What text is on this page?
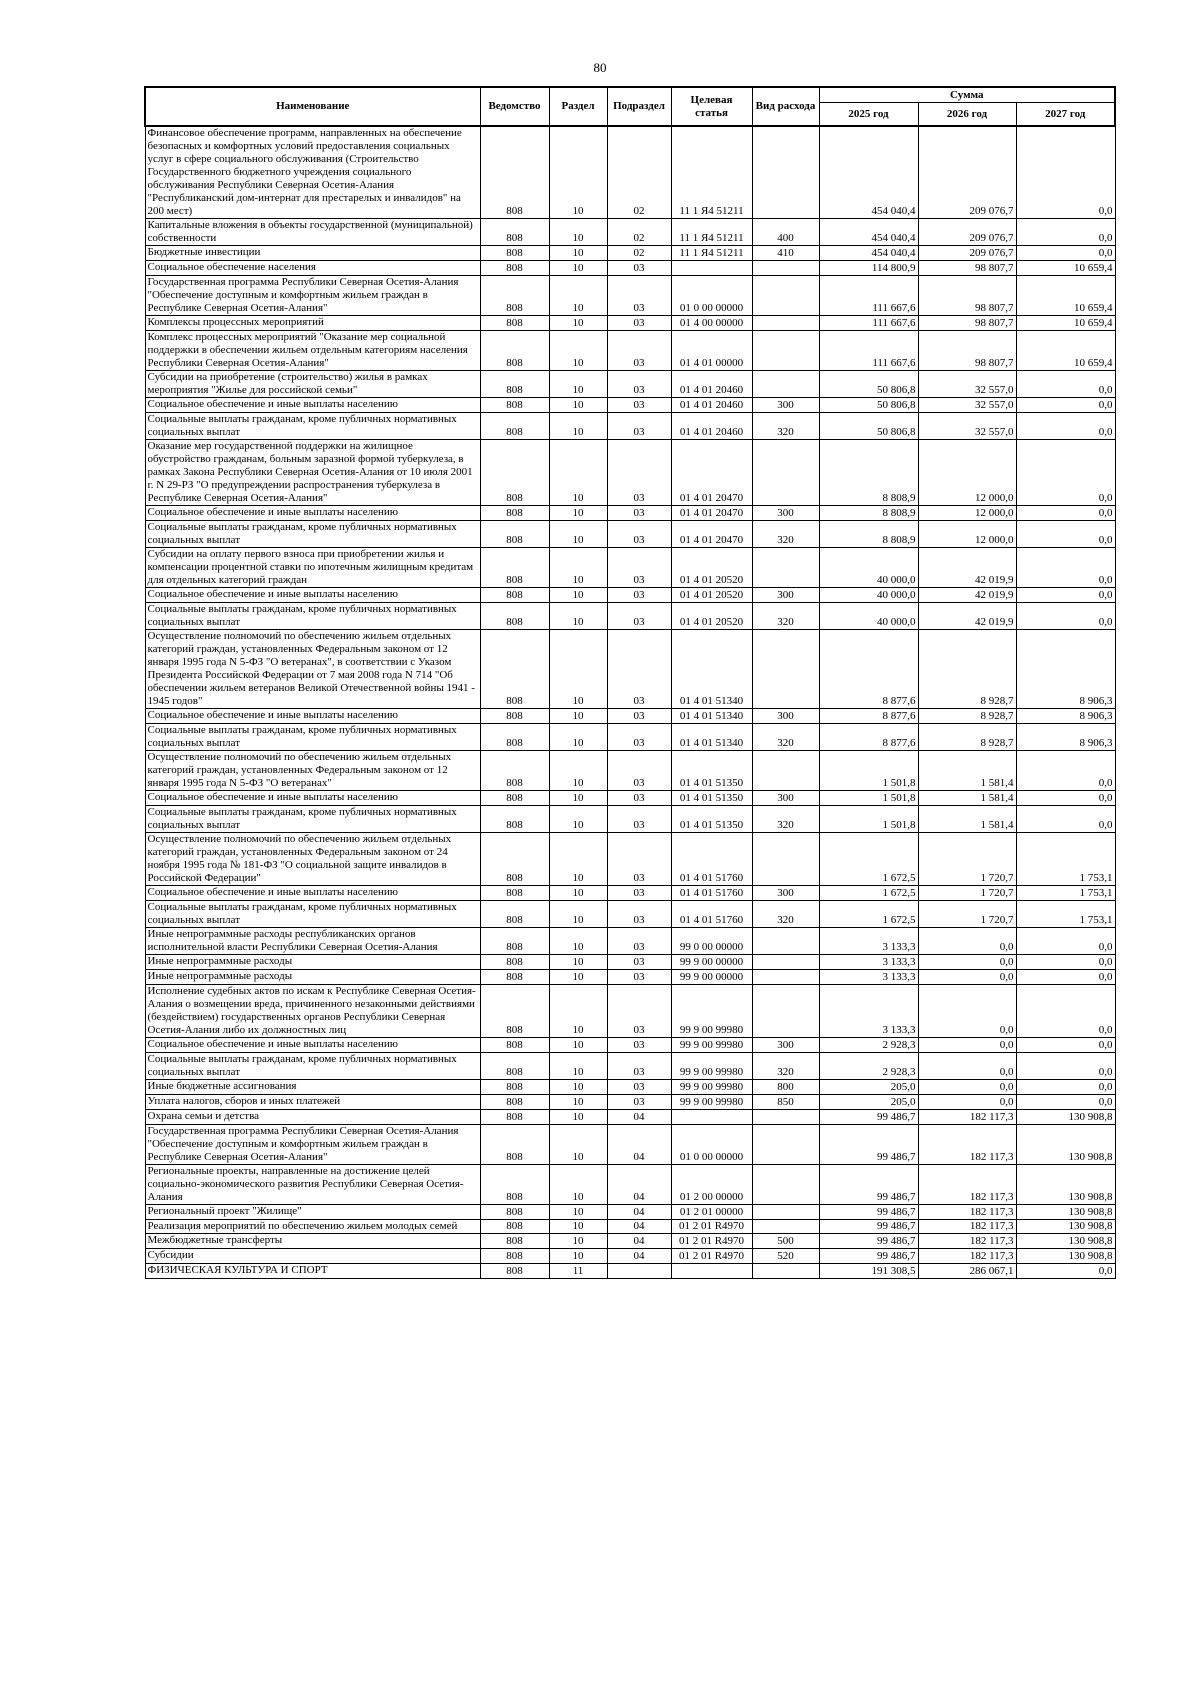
80
Наименование	Ведомство	Раздел	Подраздел	Целевая статья	Вид расхода	Сумма		
						2025 год	2026 год	2027 год
Финансовое обеспечение программ, направленных на обеспечение безопасных и комфортных условий предоставления социальных услуг в сфере социального обслуживания (Строительство Государственного бюджетного учреждения социального обслуживания Республики Северная Осетия-Алания "Республиканский дом-интернат для престарелых и инвалидов" на 200 мест)	808	10	02	11 1 Я4 51211		454 040,4	209 076,7	0,0
Капитальные вложения в объекты государственной (муниципальной) собственности	808	10	02	11 1 Я4 51211	400	454 040,4	209 076,7	0,0
Бюджетные инвестиции	808	10	02	11 1 Я4 51211	410	454 040,4	209 076,7	0,0
Социальное обеспечение населения	808	10	03			114 800,9	98 807,7	10 659,4
Государственная программа Республики Северная Осетия-Алания "Обеспечение доступным и комфортным жильем граждан в Республике Северная Осетия-Алания"	808	10	03	01 0 00 00000		111 667,6	98 807,7	10 659,4
Комплексы процессных мероприятий	808	10	03	01 4 00 00000		111 667,6	98 807,7	10 659,4
Комплекс процессных мероприятий "Оказание мер социальной поддержки в обеспечении жильем отдельным категориям населения Республики Северная Осетия-Алания"	808	10	03	01 4 01 00000		111 667,6	98 807,7	10 659,4
Субсидии на приобретение (строительство) жилья в рамках мероприятия "Жилье для российской семьи"	808	10	03	01 4 01 20460		50 806,8	32 557,0	0,0
Социальное обеспечение и иные выплаты населению	808	10	03	01 4 01 20460	300	50 806,8	32 557,0	0,0
Социальные выплаты гражданам, кроме публичных нормативных социальных выплат	808	10	03	01 4 01 20460	320	50 806,8	32 557,0	0,0
Оказание мер государственной поддержки на жилищное обустройство гражданам, больным заразной формой туберкулеза, в рамках Закона Республики Северная Осетия-Алания от 10 июля 2001 г. N 29-РЗ "О предупреждении распространения туберкулеза в Республике Северная Осетия-Алания"	808	10	03	01 4 01 20470		8 808,9	12 000,0	0,0
Социальное обеспечение и иные выплаты населению	808	10	03	01 4 01 20470	300	8 808,9	12 000,0	0,0
Социальные выплаты гражданам, кроме публичных нормативных социальных выплат	808	10	03	01 4 01 20470	320	8 808,9	12 000,0	0,0
Субсидии на оплату первого взноса при приобретении жилья и компенсации процентной ставки по ипотечным жилищным кредитам для отдельных категорий граждан	808	10	03	01 4 01 20520		40 000,0	42 019,9	0,0
Социальное обеспечение и иные выплаты населению	808	10	03	01 4 01 20520	300	40 000,0	42 019,9	0,0
Социальные выплаты гражданам, кроме публичных нормативных социальных выплат	808	10	03	01 4 01 20520	320	40 000,0	42 019,9	0,0
Осуществление полномочий по обеспечению жильем отдельных категорий граждан, установленных Федеральным законом от 12 января 1995 года N 5-ФЗ "О ветеранах", в соответствии с Указом Президента Российской Федерации от 7 мая 2008 года N 714 "Об обеспечении жильем ветеранов Великой Отечественной войны 1941 - 1945 годов"	808	10	03	01 4 01 51340		8 877,6	8 928,7	8 906,3
Социальное обеспечение и иные выплаты населению	808	10	03	01 4 01 51340	300	8 877,6	8 928,7	8 906,3
Социальные выплаты гражданам, кроме публичных нормативных социальных выплат	808	10	03	01 4 01 51340	320	8 877,6	8 928,7	8 906,3
Осуществление полномочий по обеспечению жильем отдельных категорий граждан, установленных Федеральным законом от 12 января 1995 года N 5-ФЗ "О ветеранах"	808	10	03	01 4 01 51350		1 501,8	1 581,4	0,0
Социальное обеспечение и иные выплаты населению	808	10	03	01 4 01 51350	300	1 501,8	1 581,4	0,0
Социальные выплаты гражданам, кроме публичных нормативных социальных выплат	808	10	03	01 4 01 51350	320	1 501,8	1 581,4	0,0
Осуществление полномочий по обеспечению жильем отдельных категорий граждан, установленных Федеральным законом от 24 ноября 1995 года № 181-ФЗ "О социальной защите инвалидов в Российской Федерации"	808	10	03	01 4 01 51760		1 672,5	1 720,7	1 753,1
Социальное обеспечение и иные выплаты населению	808	10	03	01 4 01 51760	300	1 672,5	1 720,7	1 753,1
Социальные выплаты гражданам, кроме публичных нормативных социальных выплат	808	10	03	01 4 01 51760	320	1 672,5	1 720,7	1 753,1
Иные непрограммные расходы республиканских органов исполнительной власти Республики Северная Осетия-Алания	808	10	03	99 0 00 00000		3 133,3	0,0	0,0
Иные непрограммные расходы	808	10	03	99 9 00 00000		3 133,3	0,0	0,0
Иные непрограммные расходы	808	10	03	99 9 00 00000		3 133,3	0,0	0,0
Исполнение судебных актов по искам к Республике Северная Осетия-Алания о возмещении вреда, причиненного незаконными действиями (бездействием) государственных органов Республики Северная Осетия-Алания либо их должностных лиц	808	10	03	99 9 00 99980		3 133,3	0,0	0,0
Социальное обеспечение и иные выплаты населению	808	10	03	99 9 00 99980	300	2 928,3	0,0	0,0
Социальные выплаты гражданам, кроме публичных нормативных социальных выплат	808	10	03	99 9 00 99980	320	2 928,3	0,0	0,0
Иные бюджетные ассигнования	808	10	03	99 9 00 99980	800	205,0	0,0	0,0
Уплата налогов, сборов и иных платежей	808	10	03	99 9 00 99980	850	205,0	0,0	0,0
Охрана семьи и детства	808	10	04			99 486,7	182 117,3	130 908,8
Государственная программа Республики Северная Осетия-Алания "Обеспечение доступным и комфортным жильем граждан в Республике Северная Осетия-Алания"	808	10	04	01 0 00 00000		99 486,7	182 117,3	130 908,8
Региональные проекты, направленные на достижение целей социально-экономического развития Республики Северная Осетия-Алания	808	10	04	01 2 00 00000		99 486,7	182 117,3	130 908,8
Региональный проект "Жилище"	808	10	04	01 2 01 00000		99 486,7	182 117,3	130 908,8
Реализация мероприятий по обеспечению жильем молодых семей	808	10	04	01 2 01 R4970		99 486,7	182 117,3	130 908,8
Межбюджетные трансферты	808	10	04	01 2 01 R4970	500	99 486,7	182 117,3	130 908,8
Субсидии	808	10	04	01 2 01 R4970	520	99 486,7	182 117,3	130 908,8
ФИЗИЧЕСКАЯ КУЛЬТУРА И СПОРТ	808	11				191 308,5	286 067,1	0,0
